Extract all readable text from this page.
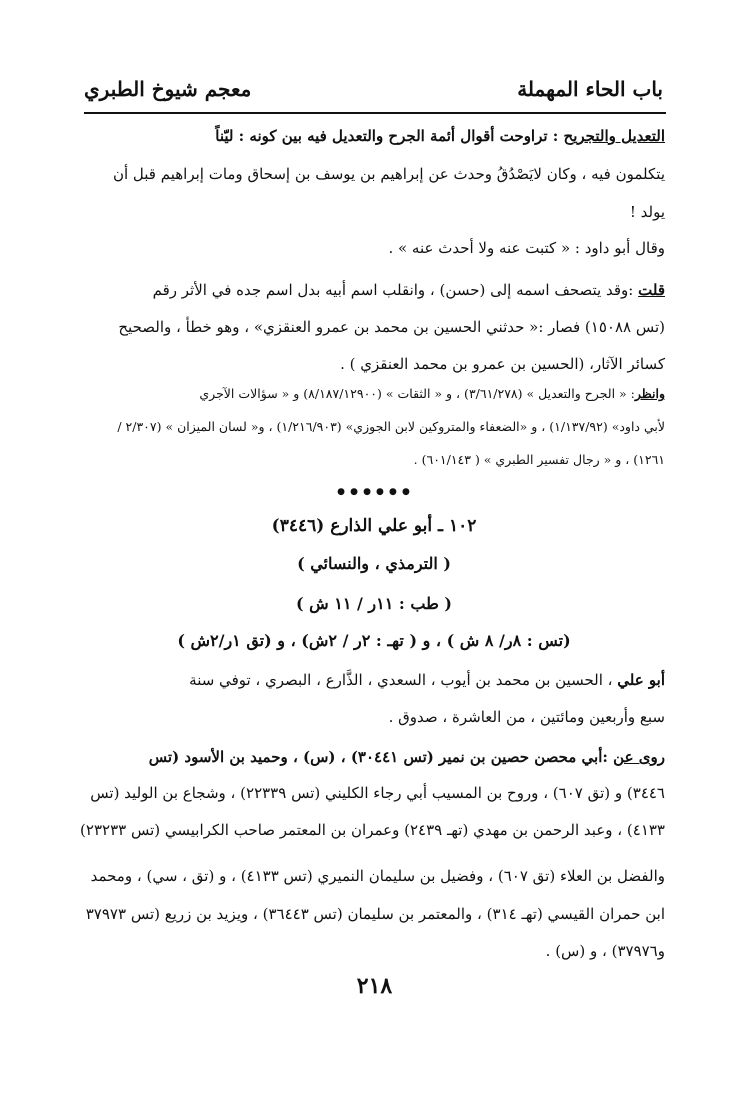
باب الحاء المهملة
معجم شيوخ الطبري
التعديل والتجريح : تراوحت أقوال أئمة الجرح والتعديل فيه بين كونه : ليّناً
يتكلمون فيه ، وكان لايَصْدُقُ وحدث عن إبراهيم بن يوسف بن إسحاق ومات إبراهيم قبل أن
يولد !
وقال أبو داود : « كتبت عنه ولا أحدث عنه » .
قلت :وقد يتصحف اسمه إلى (حسن) ، وانقلب اسم أبيه بدل اسم جده في الأثر رقم
(تس ١٥٠٨٨) فصار :« حدثني الحسين بن محمد بن عمرو العنقزي» ، وهو خطأ ، والصحيح
كسائر الآثار، (الحسين بن عمرو بن محمد العنقزي ) .
وانظر: « الجرح والتعديل » (٣/٦١/٢٧٨) ، و « الثقات » (٨/١٨٧/١٢٩٠٠) و « سؤالات الآجري
لأبي داود» (١/١٣٧/٩٢) ، و «الضعفاء والمتروكين لابن الجوزي» (١/٢١٦/٩٠٣) ، و« لسان الميزان » (٢/٣٠٧ /
١٢٦١) ، و « رجال تفسير الطبري » ( ٦٠١/١٤٣) .
● ● ● ● ● ●
١٠٢ ـ أبو علي الذارع (٣٤٤٦)
( الترمذي ، والنسائي )
( طب : ١١ر / ١١ ش )
(تس : ٨ر/ ٨ ش ) ، و ( تهـ : ٢ر / ٢ش) ، و (تق ١ر/٢ش )
أبو علي ، الحسين بن محمد بن أيوب ، السعدي ، الذَّارع ، البصري ، توفي سنة
سبع وأربعين ومائتين ، من العاشرة ، صدوق .
روى عن :أبي محصن حصين بن نمير (تس ٣٠٤٤١) ، (س) ، وحميد بن الأسود (تس
٣٤٤٦) و (تق ٦٠٧) ، وروح بن المسيب أبي رجاء الكليني (تس ٢٢٣٣٩) ، وشجاع بن الوليد (تس
٤١٣٣) ، وعبد الرحمن بن مهدي (تهـ ٢٤٣٩) وعمران بن المعتمر صاحب الكرابيسي (تس ٢٣٢٣٣)
والفضل بن العلاء (تق ٦٠٧) ، وفضيل بن سليمان النميري (تس ٤١٣٣) ، و (تق ، سي) ، ومحمد
ابن حمران القيسي (تهـ ٣١٤) ، والمعتمر بن سليمان (تس ٣٦٤٤٣) ، ويزيد بن زريع (تس ٣٧٩٧٣
و٣٧٩٧٦) ، و (س) .
٢١٨
